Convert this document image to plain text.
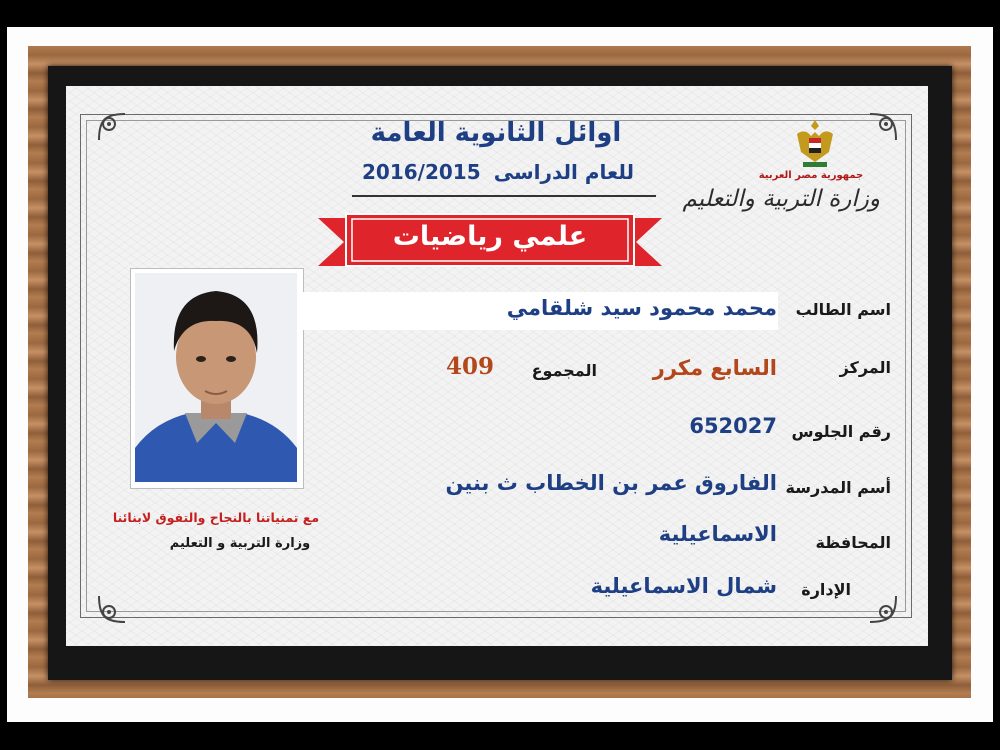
اوائل الثانوية العامة
للعام الدراسى
2016/2015
علمي رياضيات
جمهورية مصر العربية
وزارة التربية والتعليم
مع تمنياتنا بالنجاح والتفوق لابنائنا
وزارة التربية و التعليم
اسم الطالب
محمد محمود سيد شلقامي
المركز
السابع مكرر
المجموع
409
رقم الجلوس
652027
أسم المدرسة
الفاروق عمر بن الخطاب ث بنين
المحافظة
الاسماعيلية
الإدارة
شمال الاسماعيلية
